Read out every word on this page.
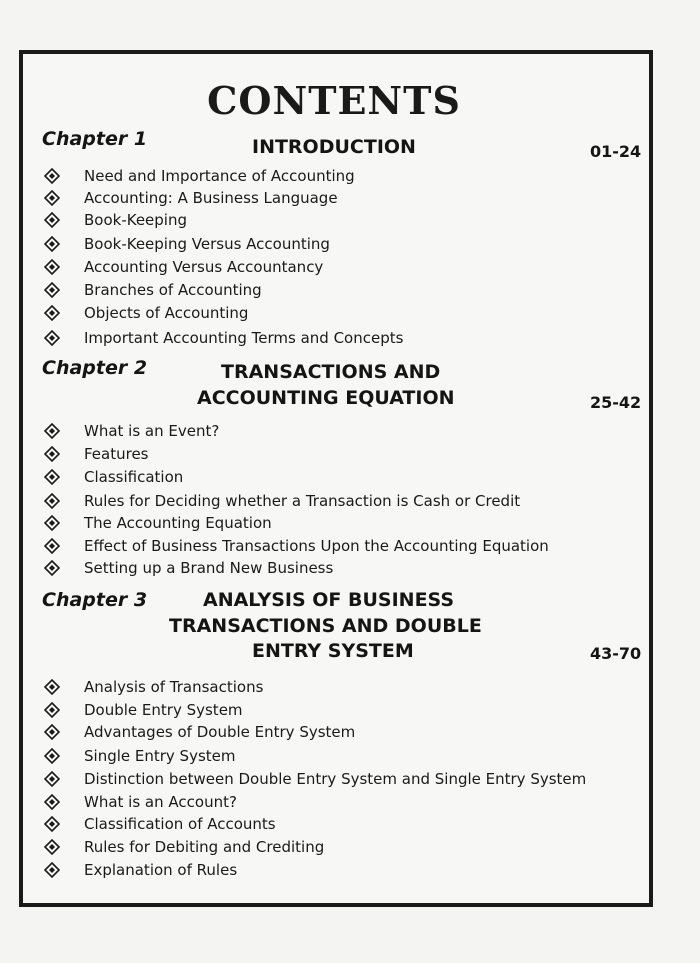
CONTENTS
Chapter 1	INTRODUCTION	01-24
Need and Importance of Accounting
Accounting: A Business Language
Book-Keeping
Book-Keeping Versus Accounting
Accounting Versus Accountancy
Branches of Accounting
Objects of Accounting
Important Accounting Terms and Concepts
Chapter 2	TRANSACTIONS AND
ACCOUNTING EQUATION	25-42
What is an Event?
Features
Classification
Rules for Deciding whether a Transaction is Cash or Credit
The Accounting Equation
Effect of Business Transactions Upon the Accounting Equation
Setting up a Brand New Business
Chapter 3	ANALYSIS OF BUSINESS
TRANSACTIONS AND DOUBLE
ENTRY SYSTEM	43-70
Analysis of Transactions
Double Entry System
Advantages of Double Entry System
Single Entry System
Distinction between Double Entry System and Single Entry System
What is an Account?
Classification of Accounts
Rules for Debiting and Crediting
Explanation of Rules
